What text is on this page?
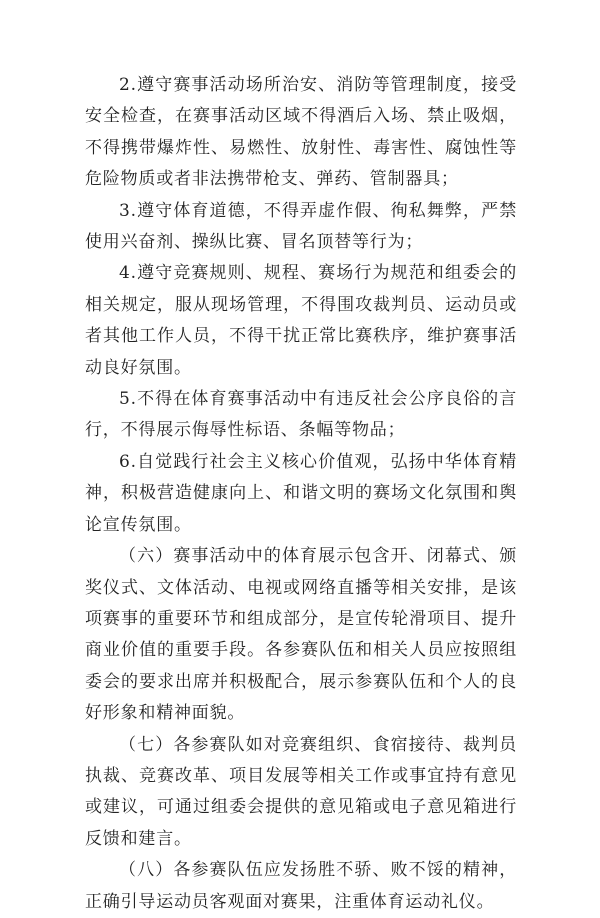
2.遵守赛事活动场所治安、消防等管理制度，接受安全检查，在赛事活动区域不得酒后入场、禁止吸烟，不得携带爆炸性、易燃性、放射性、毒害性、腐蚀性等危险物质或者非法携带枪支、弹药、管制器具；

3.遵守体育道德，不得弄虚作假、徇私舞弊，严禁使用兴奋剂、操纵比赛、冒名顶替等行为；

4.遵守竞赛规则、规程、赛场行为规范和组委会的相关规定，服从现场管理，不得围攻裁判员、运动员或者其他工作人员，不得干扰正常比赛秩序，维护赛事活动良好氛围。

5.不得在体育赛事活动中有违反社会公序良俗的言行，不得展示侮辱性标语、条幅等物品；

6.自觉践行社会主义核心价值观，弘扬中华体育精神，积极营造健康向上、和谐文明的赛场文化氛围和舆论宣传氛围。

（六）赛事活动中的体育展示包含开、闭幕式、颁奖仪式、文体活动、电视或网络直播等相关安排，是该项赛事的重要环节和组成部分，是宣传轮滑项目、提升商业价值的重要手段。各参赛队伍和相关人员应按照组委会的要求出席并积极配合，展示参赛队伍和个人的良好形象和精神面貌。

（七）各参赛队如对竞赛组织、食宿接待、裁判员执裁、竞赛改革、项目发展等相关工作或事宜持有意见或建议，可通过组委会提供的意见箱或电子意见箱进行反馈和建言。

（八）各参赛队伍应发扬胜不骄、败不馁的精神，正确引导运动员客观面对赛果，注重体育运动礼仪。
